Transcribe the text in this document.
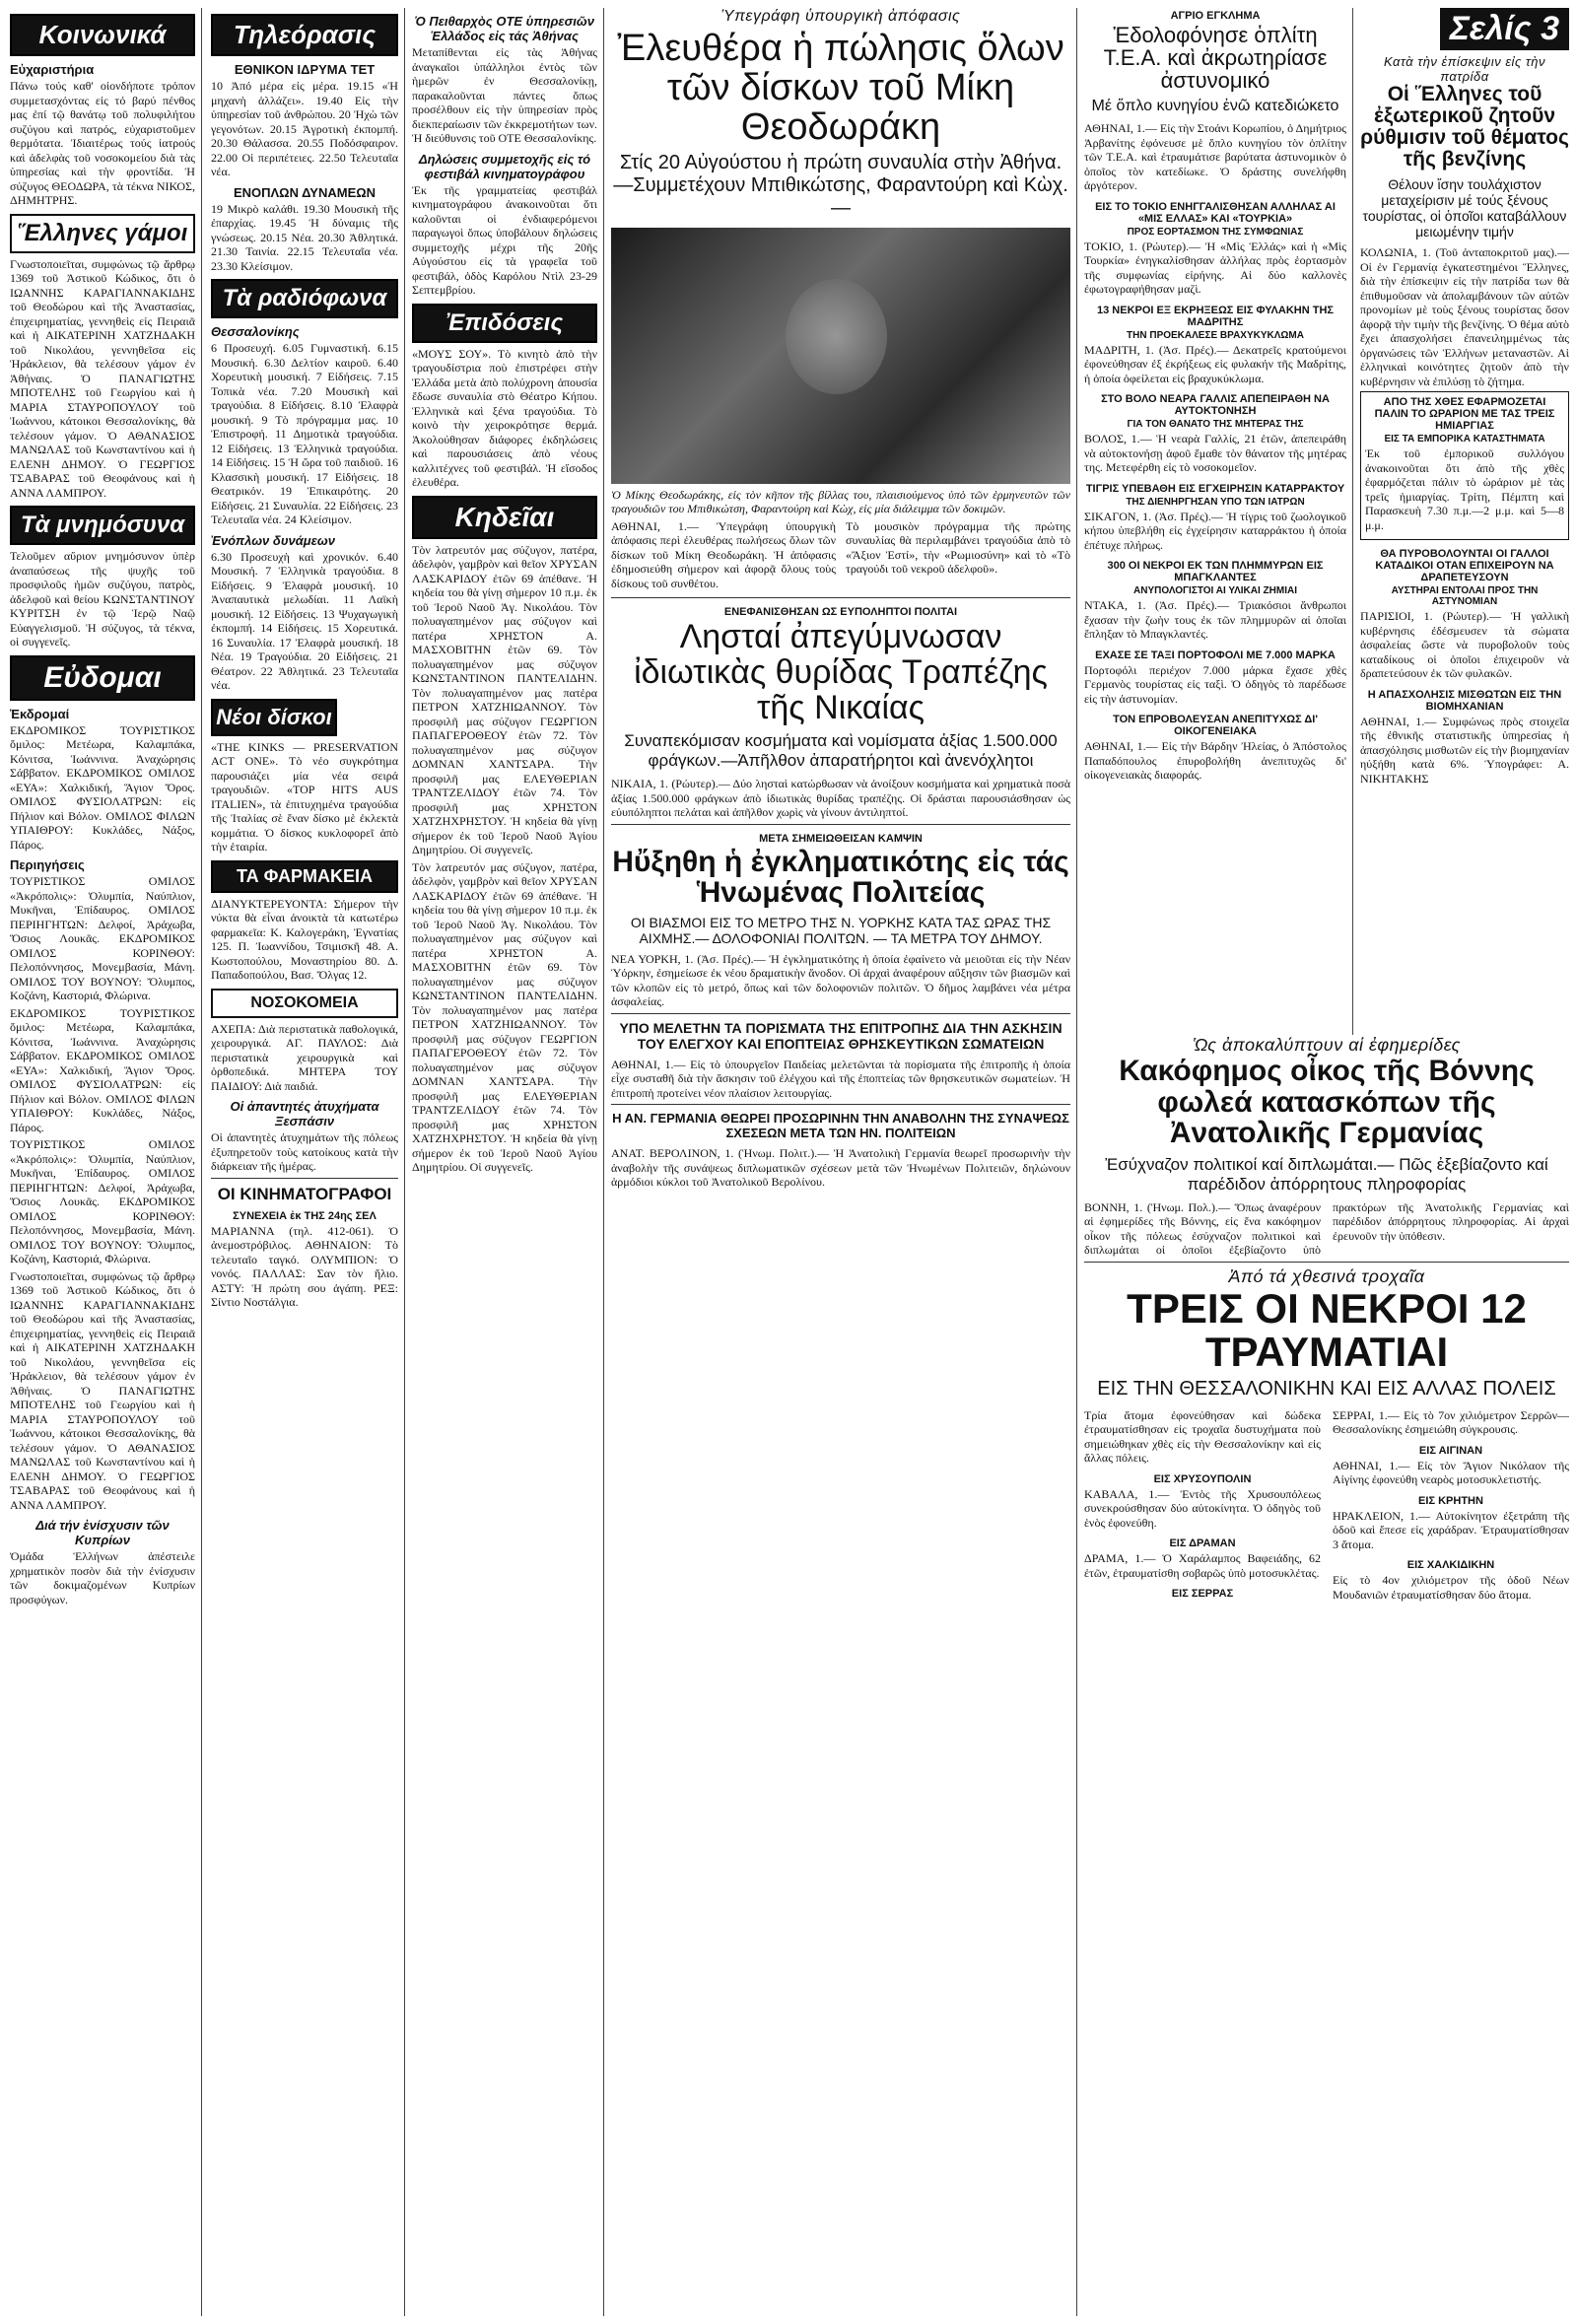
Κοινωνικά
Εὐχαριστήρια

Πάνω τούς καθ' οἱονδήποτε τρόπον συμμετασχόντας εἰς τό βαρύ πένθος μας ἐπί τῷ θανάτῳ τοῦ πολυφιλήτου συζύγου καὶ πατρός, εὐχαριστοῦμεν θερμότατα. Ἰδιαιτέρως τούς ἰατρούς καὶ ἀδελφὰς τοῦ νοσοκομείου διὰ τὰς ὑπηρεσίας καὶ τὴν φροντίδα. Ἡ σύζυγος ΘΕΟΔΩΡΑ, τὰ τέκνα ΝΙΚΟΣ, ΔΗΜΗΤΡΗΣ.

Ἕλληνες γάμοι

Γνωστοποιεῖται, συμφώνως τῷ ἄρθρῳ 1369 τοῦ Ἀστικοῦ Κώδικος, ὅτι ὁ ΙΩΑΝΝΗΣ ΚΑΡΑΓΙΑΝΝΑΚΙΔΗΣ τοῦ Θεοδώρου καὶ τῆς Ἀναστασίας, ἐπιχειρηματίας, γεννηθεὶς εἰς Πειραιᾶ καὶ ἡ ΑΙΚΑΤΕΡΙΝΗ ΧΑΤΖΗΔΑΚΗ τοῦ Νικολάου, γεννηθεῖσα εἰς Ἡράκλειον, θὰ τελέσουν γάμον ἐν Ἀθήναις. Ὁ ΠΑΝΑΓΙΩΤΗΣ ΜΠΟΤΕΛΗΣ τοῦ Γεωργίου καὶ ἡ ΜΑΡΙΑ ΣΤΑΥΡΟΠΟΥΛΟΥ τοῦ Ἰωάννου, κάτοικοι Θεσσαλονίκης, θὰ τελέσουν γάμον. Ὁ ΑΘΑΝΑΣΙΟΣ ΜΑΝΩΛΑΣ τοῦ Κωνσταντίνου καὶ ἡ ΕΛΕΝΗ ΔΗΜΟΥ. Ὁ ΓΕΩΡΓΙΟΣ ΤΣΑΒΑΡΑΣ τοῦ Θεοφάνους καὶ ἡ ΑΝΝΑ ΛΑΜΠΡΟΥ.

Τὰ μνημόσυνα

Τελοῦμεν αὔριον μνημόσυνον ὑπὲρ ἀναπαύσεως τῆς ψυχῆς τοῦ προσφιλοῦς ἡμῶν συζύγου, πατρὸς, ἀδελφοῦ καὶ θείου ΚΩΝΣΤΑΝΤΙΝΟΥ ΚΥΡΙΤΣΗ ἐν τῷ Ἱερῷ Ναῷ Εὐαγγελισμοῦ. Ἡ σύζυγος, τὰ τέκνα, οἱ συγγενεῖς.

Εὐδομαι
Ἐκδρομαί

ΕΚΔΡΟΜΙΚΟΣ ΤΟΥΡΙΣΤΙΚΟΣ ὅμιλος: Μετέωρα, Καλαμπάκα, Κόνιτσα, Ἰωάννινα. Ἀναχώρησις Σάββατον. ΕΚΔΡΟΜΙΚΟΣ ΟΜΙΛΟΣ «ΕΥΑ»: Χαλκιδική, Ἅγιον Ὄρος. ΟΜΙΛΟΣ ΦΥΣΙΟΛΑΤΡΩΝ: εἰς Πήλιον καὶ Βόλον. ΟΜΙΛΟΣ ΦΙΛΩΝ ΥΠΑΙΘΡΟΥ: Κυκλάδες, Νάξος, Πάρος.

Περιηγήσεις

ΤΟΥΡΙΣΤΙΚΟΣ ΟΜΙΛΟΣ «Ἀκρόπολις»: Ὀλυμπία, Ναύπλιον, Μυκῆναι, Ἐπίδαυρος. ΟΜΙΛΟΣ ΠΕΡΙΗΓΗΤΩΝ: Δελφοί, Ἀράχωβα, Ὅσιος Λουκᾶς. ΕΚΔΡΟΜΙΚΟΣ ΟΜΙΛΟΣ ΚΟΡΙΝΘΟΥ: Πελοπόννησος, Μονεμβασία, Μάνη. ΟΜΙΛΟΣ ΤΟΥ ΒΟΥΝΟΥ: Ὄλυμπος, Κοζάνη, Καστοριά, Φλώρινα.

ΕΚΔΡΟΜΙΚΟΣ ΤΟΥΡΙΣΤΙΚΟΣ ὅμιλος: Μετέωρα, Καλαμπάκα, Κόνιτσα, Ἰωάννινα. Ἀναχώρησις Σάββατον. ΕΚΔΡΟΜΙΚΟΣ ΟΜΙΛΟΣ «ΕΥΑ»: Χαλκιδική, Ἅγιον Ὄρος. ΟΜΙΛΟΣ ΦΥΣΙΟΛΑΤΡΩΝ: εἰς Πήλιον καὶ Βόλον. ΟΜΙΛΟΣ ΦΙΛΩΝ ΥΠΑΙΘΡΟΥ: Κυκλάδες, Νάξος, Πάρος.

ΤΟΥΡΙΣΤΙΚΟΣ ΟΜΙΛΟΣ «Ἀκρόπολις»: Ὀλυμπία, Ναύπλιον, Μυκῆναι, Ἐπίδαυρος. ΟΜΙΛΟΣ ΠΕΡΙΗΓΗΤΩΝ: Δελφοί, Ἀράχωβα, Ὅσιος Λουκᾶς. ΕΚΔΡΟΜΙΚΟΣ ΟΜΙΛΟΣ ΚΟΡΙΝΘΟΥ: Πελοπόννησος, Μονεμβασία, Μάνη. ΟΜΙΛΟΣ ΤΟΥ ΒΟΥΝΟΥ: Ὄλυμπος, Κοζάνη, Καστοριά, Φλώρινα.

Γνωστοποιεῖται, συμφώνως τῷ ἄρθρῳ 1369 τοῦ Ἀστικοῦ Κώδικος, ὅτι ὁ ΙΩΑΝΝΗΣ ΚΑΡΑΓΙΑΝΝΑΚΙΔΗΣ τοῦ Θεοδώρου καὶ τῆς Ἀναστασίας, ἐπιχειρηματίας, γεννηθεὶς εἰς Πειραιᾶ καὶ ἡ ΑΙΚΑΤΕΡΙΝΗ ΧΑΤΖΗΔΑΚΗ τοῦ Νικολάου, γεννηθεῖσα εἰς Ἡράκλειον, θὰ τελέσουν γάμον ἐν Ἀθήναις. Ὁ ΠΑΝΑΓΙΩΤΗΣ ΜΠΟΤΕΛΗΣ τοῦ Γεωργίου καὶ ἡ ΜΑΡΙΑ ΣΤΑΥΡΟΠΟΥΛΟΥ τοῦ Ἰωάννου, κάτοικοι Θεσσαλονίκης, θὰ τελέσουν γάμον. Ὁ ΑΘΑΝΑΣΙΟΣ ΜΑΝΩΛΑΣ τοῦ Κωνσταντίνου καὶ ἡ ΕΛΕΝΗ ΔΗΜΟΥ. Ὁ ΓΕΩΡΓΙΟΣ ΤΣΑΒΑΡΑΣ τοῦ Θεοφάνους καὶ ἡ ΑΝΝΑ ΛΑΜΠΡΟΥ.

Διά τήν ἐνίσχυσιν τῶν Κυπρίων

Ὁμάδα Ἑλλήνων ἀπέστειλε χρηματικὸν ποσὸν διὰ τὴν ἐνίσχυσιν τῶν δοκιμαζομένων Κυπρίων προσφύγων.

Τηλεόρασις
ΕΘΝΙΚΟΝ ΙΔΡΥΜΑ ΤΕΤ

10 Ἀπό μέρα εἰς μέρα. 19.15 «Ἡ μηχανὴ ἀλλάζει». 19.40 Εἰς τὴν ὑπηρεσίαν τοῦ ἀνθρώπου. 20 Ἠχὼ τῶν γεγονότων. 20.15 Ἀγροτικὴ ἐκπομπή. 20.30 Θάλασσα. 20.55 Ποδόσφαιρον. 22.00 Οἱ περιπέτειες. 22.50 Τελευταῖα νέα.

ΕΝΟΠΛΩΝ ΔΥΝΑΜΕΩΝ

19 Μικρὸ καλάθι. 19.30 Μουσικὴ τῆς ἐπαρχίας. 19.45 Ἡ δύναμις τῆς γνώσεως. 20.15 Νέα. 20.30 Ἀθλητικά. 21.30 Ταινία. 22.15 Τελευταῖα νέα. 23.30 Κλείσιμον.

Τὰ ραδιόφωνα
Θεσσαλονίκης

6 Προσευχή. 6.05 Γυμναστική. 6.15 Μουσική. 6.30 Δελτίον καιροῦ. 6.40 Χορευτικὴ μουσική. 7 Εἰδήσεις. 7.15 Τοπικὰ νέα. 7.20 Μουσικὴ καὶ τραγούδια. 8 Εἰδήσεις. 8.10 Ἐλαφρὰ μουσική. 9 Τὸ πρόγραμμα μας. 10 Ἐπιστροφή. 11 Δημοτικὰ τραγούδια. 12 Εἰδήσεις. 13 Ἑλληνικὰ τραγούδια. 14 Εἰδήσεις. 15 Ἡ ὥρα τοῦ παιδιοῦ. 16 Κλασσικὴ μουσική. 17 Εἰδήσεις. 18 Θεατρικόν. 19 Ἐπικαιρότης. 20 Εἰδήσεις. 21 Συναυλία. 22 Εἰδήσεις. 23 Τελευταῖα νέα. 24 Κλείσιμον.

Ἐνόπλων δυνάμεων

6.30 Προσευχὴ καὶ χρονικόν. 6.40 Μουσική. 7 Ἑλληνικὰ τραγούδια. 8 Εἰδήσεις. 9 Ἐλαφρὰ μουσική. 10 Ἀναπαυτικὰ μελωδίαι. 11 Λαϊκὴ μουσική. 12 Εἰδήσεις. 13 Ψυχαγωγικὴ ἐκπομπή. 14 Εἰδήσεις. 15 Χορευτικά. 16 Συναυλία. 17 Ἐλαφρὰ μουσική. 18 Νέα. 19 Τραγούδια. 20 Εἰδήσεις. 21 Θέατρον. 22 Ἀθλητικά. 23 Τελευταῖα νέα.

Νέοι δίσκοι

«THE KINKS — PRESERVATION ACT ONE». Τὸ νέο συγκρότημα παρουσιάζει μία νέα σειρά τραγουδιῶν. «TOP HITS AUS ITALIEN», τὰ ἐπιτυχημένα τραγούδια τῆς Ἰταλίας σὲ ἕναν δίσκο μὲ ἐκλεκτὰ κομμάτια. Ὁ δίσκος κυκλοφορεῖ ἀπὸ τὴν ἑταιρία.

ΤΑ ΦΑΡΜΑΚΕΙΑ

ΔΙΑΝΥΚΤΕΡΕΥΟΝΤΑ: Σήμερον τὴν νύκτα θὰ εἶναι ἀνοικτὰ τὰ κατωτέρω φαρμακεῖα: Κ. Καλογεράκη, Ἐγνατίας 125. Π. Ἰωαννίδου, Τσιμισκῆ 48. Α. Κωστοπούλου, Μοναστηρίου 80. Δ. Παπαδοπούλου, Βασ. Ὄλγας 12.

ΝΟΣΟΚΟΜΕΙΑ

ΑΧΕΠΑ: Διὰ περιστατικὰ παθολογικά, χειρουργικά. ΑΓ. ΠΑΥΛΟΣ: Διὰ περιστατικὰ χειρουργικὰ καὶ ὀρθοπεδικά. ΜΗΤΕΡΑ ΤΟΥ ΠΑΙΔΙΟΥ: Διὰ παιδιά.

Οἱ ἀπαντητές ἀτυχήματα Ξεσπάσιν

Οἱ ἀπαντητὲς ἀτυχημάτων τῆς πόλεως ἐξυπηρετοῦν τοὺς κατοίκους κατὰ τὴν διάρκειαν τῆς ἡμέρας.

ΟΙ ΚΙΝΗΜΑΤΟΓΡΑΦΟΙ
ΣΥΝΕΧΕΙΑ ἐκ ΤΗΣ 24ης ΣΕΛ

ΜΑΡΙΑΝΝΑ (τηλ. 412-061). Ὁ ἀνεμοστρόβιλος. ΑΘΗΝΑΙΟΝ: Τὸ τελευταῖο ταγκό. ΟΛΥΜΠΙΟΝ: Ὁ νονός. ΠΑΛΛΑΣ: Σαν τὸν ἥλιο. ΑΣΤΥ: Ἡ πρώτη σου ἀγάπη. ΡΕΞ: Σίντιο Νοστάλγια.

Ὁ Πειθαρχὸς ΟΤΕ ὑπηρεσιῶν Ἑλλάδος εἰς τάς Ἀθήνας

Μεταπίθενται εἰς τὰς Ἀθήνας ἀναγκαῖοι ὑπάλληλοι ἐντὸς τῶν ἡμερῶν ἐν Θεσσαλονίκῃ, παρακαλοῦνται πάντες ὅπως προσέλθουν εἰς τὴν ὑπηρεσίαν πρὸς διεκπεραίωσιν τῶν ἐκκρεμοτήτων των. Ἡ διεύθυνσις τοῦ ΟΤΕ Θεσσαλονίκης.

Δηλώσεις συμμετοχῆς εἰς τό φεστιβάλ κινηματογράφου

Ἐκ τῆς γραμματείας φεστιβάλ κινηματογράφου ἀνακοινοῦται ὅτι καλοῦνται οἱ ἐνδιαφερόμενοι παραγωγοὶ ὅπως ὑποβάλουν δηλώσεις συμμετοχῆς μέχρι τῆς 20ῆς Αὐγούστου εἰς τὰ γραφεῖα τοῦ φεστιβάλ, ὁδὸς Καρόλου Ντὶλ 23-29 Σεπτεμβρίου.

Ἐπιδόσεις

«ΜΟΥΣ ΣΟΥ». Τὸ κινητὸ ἀπὸ τὴν τραγουδίστρια ποὺ ἐπιστρέφει στὴν Ἑλλάδα μετὰ ἀπὸ πολύχρονη ἀπουσία ἔδωσε συναυλία στὸ Θέατρο Κήπου. Ἑλληνικὰ καὶ ξένα τραγούδια. Τὸ κοινὸ τὴν χειροκρότησε θερμά. Ἀκολούθησαν διάφορες ἐκδηλώσεις καὶ παρουσιάσεις ἀπὸ νέους καλλιτέχνες τοῦ φεστιβάλ. Ἡ εἴσοδος ἐλευθέρα.

Κηδεῖαι

Τὸν λατρευτόν μας σύζυγον, πατέρα, ἀδελφὸν, γαμβρὸν καὶ θεῖον ΧΡΥΣΑΝ ΛΑΣΚΑΡΙΔΟΥ ἐτῶν 69 ἀπέθανε. Ἡ κηδεία του θὰ γίνῃ σήμερον 10 π.μ. ἐκ τοῦ Ἱεροῦ Ναοῦ Ἁγ. Νικολάου. Τὸν πολυαγαπημένον μας σύζυγον καὶ πατέρα ΧΡΗΣΤΟΝ Α. ΜΑΣΧΟΒΙΤΗΝ ἐτῶν 69. Τὸν πολυαγαπημένον μας σύζυγον ΚΩΝΣΤΑΝΤΙΝΟΝ ΠΑΝΤΕΛΙΔΗΝ. Τὸν πολυαγαπημένον μας πατέρα ΠΕΤΡΟΝ ΧΑΤΖΗΙΩΑΝΝΟΥ. Τὸν προσφιλῆ μας σύζυγον ΓΕΩΡΓΙΟΝ ΠΑΠΑΓΕΡΟΘΕΟΥ ἐτῶν 72. Τὸν πολυαγαπημένον μας σύζυγον ΔΟΜΝΑΝ ΧΑΝΤΣΑΡΑ. Τὴν προσφιλῆ μας ΕΛΕΥΘΕΡΙΑΝ ΤΡΑΝΤΖΕΛΙΔΟΥ ἐτῶν 74. Τὸν προσφιλῆ μας ΧΡΗΣΤΟΝ ΧΑΤΖΗΧΡΗΣΤΟΥ. Ἡ κηδεία θὰ γίνῃ σήμερον ἐκ τοῦ Ἱεροῦ Ναοῦ Ἁγίου Δημητρίου. Οἱ συγγενεῖς.

Τὸν λατρευτόν μας σύζυγον, πατέρα, ἀδελφὸν, γαμβρὸν καὶ θεῖον ΧΡΥΣΑΝ ΛΑΣΚΑΡΙΔΟΥ ἐτῶν 69 ἀπέθανε. Ἡ κηδεία του θὰ γίνῃ σήμερον 10 π.μ. ἐκ τοῦ Ἱεροῦ Ναοῦ Ἁγ. Νικολάου. Τὸν πολυαγαπημένον μας σύζυγον καὶ πατέρα ΧΡΗΣΤΟΝ Α. ΜΑΣΧΟΒΙΤΗΝ ἐτῶν 69. Τὸν πολυαγαπημένον μας σύζυγον ΚΩΝΣΤΑΝΤΙΝΟΝ ΠΑΝΤΕΛΙΔΗΝ. Τὸν πολυαγαπημένον μας πατέρα ΠΕΤΡΟΝ ΧΑΤΖΗΙΩΑΝΝΟΥ. Τὸν προσφιλῆ μας σύζυγον ΓΕΩΡΓΙΟΝ ΠΑΠΑΓΕΡΟΘΕΟΥ ἐτῶν 72. Τὸν πολυαγαπημένον μας σύζυγον ΔΟΜΝΑΝ ΧΑΝΤΣΑΡΑ. Τὴν προσφιλῆ μας ΕΛΕΥΘΕΡΙΑΝ ΤΡΑΝΤΖΕΛΙΔΟΥ ἐτῶν 74. Τὸν προσφιλῆ μας ΧΡΗΣΤΟΝ ΧΑΤΖΗΧΡΗΣΤΟΥ. Ἡ κηδεία θὰ γίνῃ σήμερον ἐκ τοῦ Ἱεροῦ Ναοῦ Ἁγίου Δημητρίου. Οἱ συγγενεῖς.

Ὑπεγράφη ὑπουργικὴ ἀπόφασις
Ἐλευθέρα ἡ πώλησις ὅλων τῶν δίσκων τοῦ Μίκη Θεοδωράκη
Στίς 20 Αὐγούστου ἡ πρώτη συναυλία στὴν Ἀθήνα.—Συμμετέχουν Μπιθικώτσης, Φαραντούρη καὶ Κὼχ.—

Ὁ Μίκης Θεοδωράκης, εἰς τὸν κῆπον τῆς βίλλας του, πλαισιούμενος ὑπὸ τῶν ἑρμηνευτῶν τῶν τραγουδιῶν του Μπιθικώτση, Φαραντούρη καὶ Κὼχ, εἰς μία διάλειμμα τῶν δοκιμῶν.

ΑΘΗΝΑΙ, 1.— Ὑπεγράφη ὑπουργικὴ ἀπόφασις περὶ ἐλευθέρας πωλήσεως ὅλων τῶν δίσκων τοῦ Μίκη Θεοδωράκη. Ἡ ἀπόφασις ἐδημοσιεύθη σήμερον καὶ ἀφορᾷ ὅλους τοὺς δίσκους τοῦ συνθέτου.

Τὸ μουσικὸν πρόγραμμα τῆς πρώτης συναυλίας θὰ περιλαμβάνει τραγούδια ἀπὸ τὸ «Ἄξιον Ἐστί», τὴν «Ρωμιοσύνη» καὶ τὸ «Τὸ τραγούδι τοῦ νεκροῦ ἀδελφοῦ».

ΕΝΕΦΑΝΙΣΘΗΣΑΝ ΩΣ ΕΥΠΟΛΗΠΤΟΙ ΠΟΛΙΤΑΙ
Λησταί ἀπεγύμνωσαν ἰδιωτικὰς θυρίδας Τραπέζης τῆς Νικαίας
Συναπεκόμισαν κοσμήματα καὶ νομίσματα ἀξίας 1.500.000 φράγκων.—Ἀπῆλθον ἀπαρατήρητοι καὶ ἀνενόχλητοι

ΝΙΚΑΙΑ, 1. (Ρώυτερ).— Δύο λησταὶ κατώρθωσαν νὰ ἀνοίξουν κοσμήματα καὶ χρηματικὰ ποσὰ ἀξίας 1.500.000 φράγκων ἀπὸ ἰδιωτικὰς θυρίδας τραπέζης. Οἱ δράσται παρουσιάσθησαν ὡς εὐυπόληπτοι πελάται καὶ ἀπῆλθον χωρὶς νὰ γίνουν ἀντιληπτοί.

ΜΕΤΑ ΣΗΜΕΙΩΘΕΙΣΑΝ ΚΑΜΨΙΝ
Ηὔξηθη ἡ ἐγκληματικότης εἰς τάς Ἡνωμένας Πολιτείας
ΟΙ ΒΙΑΣΜΟΙ ΕΙΣ ΤΟ ΜΕΤΡΟ ΤΗΣ Ν. ΥΟΡΚΗΣ ΚΑΤΑ ΤΑΣ ΩΡΑΣ ΤΗΣ ΑΙΧΜΗΣ.— ΔΟΛΟΦΟΝΙΑΙ ΠΟΛΙΤΩΝ. — ΤΑ ΜΕΤΡΑ ΤΟΥ ΔΗΜΟΥ.

ΝΕΑ ΥΟΡΚΗ, 1. (Ἀσ. Πρές).— Ἡ ἐγκληματικότης ἡ ὁποία ἐφαίνετο νὰ μειοῦται εἰς τὴν Νέαν Ὑόρκην, ἐσημείωσε ἐκ νέου δραματικὴν ἄνοδον. Οἱ ἀρχαὶ ἀναφέρουν αὔξησιν τῶν βιασμῶν καὶ τῶν κλοπῶν εἰς τὸ μετρό, ὅπως καὶ τῶν δολοφονιῶν πολιτῶν. Ὁ δῆμος λαμβάνει νέα μέτρα ἀσφαλείας.

ΥΠΟ ΜΕΛΕΤΗΝ ΤΑ ΠΟΡΙΣΜΑΤΑ ΤΗΣ ΕΠΙΤΡΟΠΗΣ ΔΙΑ ΤΗΝ ΑΣΚΗΣΙΝ ΤΟΥ ΕΛΕΓΧΟΥ ΚΑΙ ΕΠΟΠΤΕΙΑΣ ΘΡΗΣΚΕΥΤΙΚΩΝ ΣΩΜΑΤΕΙΩΝ

ΑΘΗΝΑΙ, 1.— Εἰς τὸ ὑπουργεῖον Παιδείας μελετῶνται τὰ πορίσματα τῆς ἐπιτροπῆς ἡ ὁποία εἶχε συσταθῆ διὰ τὴν ἄσκησιν τοῦ ἐλέγχου καὶ τῆς ἐποπτείας τῶν θρησκευτικῶν σωματείων. Ἡ ἐπιτροπὴ προτείνει νέον πλαίσιον λειτουργίας.

Η ΑΝ. ΓΕΡΜΑΝΙΑ ΘΕΩΡΕΙ ΠΡΟΣΩΡΙΝΗΝ ΤΗΝ ΑΝΑΒΟΛΗΝ ΤΗΣ ΣΥΝΑΨΕΩΣ ΣΧΕΣΕΩΝ ΜΕΤΑ ΤΩΝ ΗΝ. ΠΟΛΙΤΕΙΩΝ

ΑΝΑΤ. ΒΕΡΟΛΙΝΟΝ, 1. (Ἡνωμ. Πολιτ.).— Ἡ Ἀνατολικὴ Γερμανία θεωρεῖ προσωρινὴν τὴν ἀναβολὴν τῆς συνάψεως διπλωματικῶν σχέσεων μετὰ τῶν Ἡνωμένων Πολιτειῶν, δηλώνουν ἁρμόδιοι κύκλοι τοῦ Ἀνατολικοῦ Βερολίνου.

ΑΓΡΙΟ ΕΓΚΛΗΜΑ
Ἐδολοφόνησε ὁπλίτη Τ.Ε.Α. καὶ ἀκρωτηρίασε ἀστυνομικό
Μέ ὅπλο κυνηγίου ἐνῶ κατεδιώκετο

ΑΘΗΝΑΙ, 1.— Εἰς τὴν Στοάνι Κορωπίου, ὁ Δημήτριος Ἀρβανίτης ἐφόνευσε μὲ ὅπλο κυνηγίου τὸν ὁπλίτην τῶν Τ.Ε.Α. καὶ ἐτραυμάτισε βαρύτατα ἀστυνομικὸν ὁ ὁποῖος τὸν κατεδίωκε. Ὁ δράστης συνελήφθη ἀργότερον.

ΕΙΣ ΤΟ ΤΟΚΙΟ ΕΝΗΓΓΑΛΙΣΘΗΣΑΝ ΑΛΛΗΛΑΣ ΑΙ «ΜΙΣ ΕΛΛΑΣ» ΚΑΙ «ΤΟΥΡΚΙΑ»
ΠΡΟΣ ΕΟΡΤΑΣΜΟΝ ΤΗΣ ΣΥΜΦΩΝΙΑΣ

ΤΟΚΙΟ, 1. (Ρώυτερ).— Ἡ «Μὶς Ἑλλάς» καὶ ἡ «Μὶς Τουρκία» ἐνηγκαλίσθησαν ἀλλήλας πρὸς ἑορτασμὸν τῆς συμφωνίας εἰρήνης. Αἱ δύο καλλονὲς ἐφωτογραφήθησαν μαζὶ.

13 ΝΕΚΡΟΙ ΕΞ ΕΚΡΗΞΕΩΣ ΕΙΣ ΦΥΛΑΚΗΝ ΤΗΣ ΜΑΔΡΙΤΗΣ
ΤΗΝ ΠΡΟΕΚΑΛΕΣΕ ΒΡΑΧΥΚΥΚΛΩΜΑ

ΜΑΔΡΙΤΗ, 1. (Ἀσ. Πρές).— Δεκατρεῖς κρατούμενοι ἐφονεύθησαν ἐξ ἐκρήξεως εἰς φυλακήν τῆς Μαδρίτης, ἡ ὁποία ὀφείλεται εἰς βραχυκύκλωμα.

ΣΤΟ ΒΟΛΟ ΝΕΑΡΑ ΓΑΛΛΙΣ ΑΠΕΠΕΙΡΑΘΗ ΝΑ ΑΥΤΟΚΤΟΝΗΣΗ
ΓΙΑ ΤΟΝ ΘΑΝΑΤΟ ΤΗΣ ΜΗΤΕΡΑΣ ΤΗΣ

ΒΟΛΟΣ, 1.— Ἡ νεαρὰ Γαλλίς, 21 ἐτῶν, ἀπεπειράθη νὰ αὐτοκτονήσῃ ἀφοῦ ἔμαθε τὸν θάνατον τῆς μητέρας της. Μετεφέρθη εἰς τὸ νοσοκομεῖον.

ΤΙΓΡΙΣ ΥΠΕΒΑΘΗ ΕΙΣ ΕΓΧΕΙΡΗΣΙΝ ΚΑΤΑΡΡΑΚΤΟΥ
ΤΗΣ ΔΙΕΝΗΡΓΗΣΑΝ ΥΠΟ ΤΩΝ ΙΑΤΡΩΝ

ΣΙΚΑΓΟΝ, 1. (Ἀσ. Πρές).— Ἡ τίγρις τοῦ ζωολογικοῦ κήπου ὑπεβλήθη εἰς ἐγχείρησιν καταρράκτου ἡ ὁποία ἐπέτυχε πλήρως.

300 ΟΙ ΝΕΚΡΟΙ ΕΚ ΤΩΝ ΠΛΗΜΜΥΡΩΝ ΕΙΣ ΜΠΑΓΚΛΑΝΤΕΣ
ΑΝΥΠΟΛΟΓΙΣΤΟΙ ΑΙ ΥΛΙΚΑΙ ΖΗΜΙΑΙ

ΝΤΑΚΑ, 1. (Ἀσ. Πρές).— Τριακόσιοι ἄνθρωποι ἔχασαν τὴν ζωὴν τους ἐκ τῶν πλημμυρῶν αἱ ὁποῖαι ἔπληξαν τὸ Μπαγκλαντές.

ΕΧΑΣΕ ΣΕ ΤΑΞΙ ΠΟΡΤΟΦΟΛΙ ΜΕ 7.000 ΜΑΡΚΑ

Πορτοφόλι περιέχον 7.000 μάρκα ἔχασε χθὲς Γερμανὸς τουρίστας εἰς ταξὶ. Ὁ ὁδηγὸς τὸ παρέδωσε εἰς τὴν ἀστυνομίαν.

ΤΟΝ ΕΠΡΟΒΟΛΕΥΣΑΝ ΑΝΕΠΙΤΥΧΩΣ ΔΙ' ΟΙΚΟΓΕΝΕΙΑΚΑ

ΑΘΗΝΑΙ, 1.— Εἰς τὴν Βάρδην Ἠλείας, ὁ Ἀπόστολος Παπαδόπουλος ἐπυροβολήθη ἀνεπιτυχῶς δι' οἰκογενειακὰς διαφοράς.

Σελίς 3
Κατὰ τὴν ἐπίσκεψιν εἰς τὴν πατρίδα
Οἱ Ἕλληνες τοῦ ἐξωτερικοῦ ζητοῦν ρύθμισιν τοῦ θέματος τῆς βενζίνης
Θέλουν ἴσην τουλάχιστον μεταχείρισιν μέ τούς ξένους τουρίστας, οἱ ὁποῖοι καταβάλλουν μειωμένην τιμήν

ΚΟΛΩΝΙΑ, 1. (Τοῦ ἀνταποκριτοῦ μας).— Οἱ ἐν Γερμανίᾳ ἐγκατεστημένοι Ἕλληνες, διὰ τὴν ἐπίσκεψιν εἰς τὴν πατρίδα των θὰ ἐπιθυμοῦσαν νὰ ἀπολαμβάνουν τῶν αὐτῶν προνομίων μὲ τοὺς ξένους τουρίστας ὅσον ἀφορᾷ τὴν τιμὴν τῆς βενζίνης. Ὁ θέμα αὐτὸ ἔχει ἀπασχολήσει ἐπανειλημμένως τὰς ὀργανώσεις τῶν Ἑλλήνων μεταναστῶν. Αἱ ἑλληνικαὶ κοινότητες ζητοῦν ἀπὸ τὴν κυβέρνησιν νὰ ἐπιλύσῃ τὸ ζήτημα.

ΑΠΟ ΤΗΣ ΧΘΕΣ ΕΦΑΡΜΟΖΕΤΑΙ ΠΑΛΙΝ ΤΟ ΩΡΑΡΙΟΝ ΜΕ ΤΑΣ ΤΡΕΙΣ ΗΜΙΑΡΓΙΑΣ
ΕΙΣ ΤΑ ΕΜΠΟΡΙΚΑ ΚΑΤΑΣΤΗΜΑΤΑ

Ἐκ τοῦ ἐμπορικοῦ συλλόγου ἀνακοινοῦται ὅτι ἀπὸ τῆς χθὲς ἐφαρμόζεται πάλιν τὸ ὡράριον μὲ τὰς τρεῖς ἡμιαργίας. Τρίτη, Πέμπτη καὶ Παρασκευὴ 7.30 π.μ.—2 μ.μ. καὶ 5—8 μ.μ.

ΘΑ ΠΥΡΟΒΟΛΟΥΝΤΑΙ ΟΙ ΓΑΛΛΟΙ ΚΑΤΑΔΙΚΟΙ ΟΤΑΝ ΕΠΙΧΕΙΡΟΥΝ ΝΑ ΔΡΑΠΕΤΕΥΣΟΥΝ
ΑΥΣΤΗΡΑΙ ΕΝΤΟΛΑΙ ΠΡΟΣ ΤΗΝ ΑΣΤΥΝΟΜΙΑΝ

ΠΑΡΙΣΙΟΙ, 1. (Ρώυτερ).— Ἡ γαλλικὴ κυβέρνησις ἐδέσμευσεν τὰ σώματα ἀσφαλείας ὥστε νὰ πυροβολοῦν τοὺς καταδίκους οἱ ὁποῖοι ἐπιχειροῦν νὰ δραπετεύσουν ἐκ τῶν φυλακῶν.

Η ΑΠΑΣΧΟΛΗΣΙΣ ΜΙΣΘΩΤΩΝ ΕΙΣ ΤΗΝ ΒΙΟΜΗΧΑΝΙΑΝ

ΑΘΗΝΑΙ, 1.— Συμφώνως πρὸς στοιχεῖα τῆς ἐθνικῆς στατιστικῆς ὑπηρεσίας ἡ ἀπασχόλησις μισθωτῶν εἰς τὴν βιομηχανίαν ηὐξήθη κατὰ 6%. Ὑπογράφει: Α. ΝΙΚΗΤΑΚΗΣ

Ὡς ἀποκαλύπτουν αἱ ἐφημερίδες
Κακόφημος οἶκος τῆς Βόννης φωλεά κατασκόπων τῆς Ἀνατολικῆς Γερμανίας
Ἐσύχναζον πολιτικοί καί διπλωμάται.— Πῶς ἐξεβίαζοντο καί παρέδιδον ἀπόρρητους πληροφορίας

ΒΟΝΝΗ, 1. (Ἡνωμ. Πολ.).— Ὅπως ἀναφέρουν αἱ ἐφημερίδες τῆς Βόννης, εἰς ἕνα κακόφημον οἶκον τῆς πόλεως ἐσύχναζον πολιτικοὶ καὶ διπλωμάται οἱ ὁποῖοι ἐξεβίαζοντο ὑπὸ πρακτόρων τῆς Ἀνατολικῆς Γερμανίας καὶ παρέδιδον ἀπόρρητους πληροφορίας. Αἱ ἀρχαὶ ἐρευνοῦν τὴν ὑπόθεσιν.

Ἀπό τά χθεσινά τροχαῖα
ΤΡΕΙΣ ΟΙ ΝΕΚΡΟΙ 12 ΤΡΑΥΜΑΤΙΑΙ
ΕΙΣ ΤΗΝ ΘΕΣΣΑΛΟΝΙΚΗΝ ΚΑΙ ΕΙΣ ΑΛΛΑΣ ΠΟΛΕΙΣ

Τρία ἄτομα ἐφονεύθησαν καὶ δώδεκα ἐτραυματίσθησαν εἰς τροχαῖα δυστυχήματα ποὺ σημειώθηκαν χθὲς εἰς τὴν Θεσσαλονίκην καὶ εἰς ἄλλας πόλεις.

ΕΙΣ ΧΡΥΣΟΥΠΟΛΙΝ

ΚΑΒΑΛΑ, 1.— Ἐντὸς τῆς Χρυσουπόλεως συνεκρούσθησαν δύο αὐτοκίνητα. Ὁ ὁδηγὸς τοῦ ἑνὸς ἐφονεύθη.

ΕΙΣ ΔΡΑΜΑΝ

ΔΡΑΜΑ, 1.— Ὁ Χαράλαμπος Βαφειάδης, 62 ἐτῶν, ἐτραυματίσθη σοβαρῶς ὑπὸ μοτοσυκλέτας.

ΕΙΣ ΣΕΡΡΑΣ

ΣΕΡΡΑΙ, 1.— Εἰς τὸ 7ον χιλιόμετρον Σερρῶν—Θεσσαλονίκης ἐσημειώθη σύγκρουσις.

ΕΙΣ ΑΙΓΙΝΑΝ

ΑΘΗΝΑΙ, 1.— Εἰς τὸν Ἅγιον Νικόλαον τῆς Αἰγίνης ἐφονεύθη νεαρὸς μοτοσυκλετιστής.

ΕΙΣ ΚΡΗΤΗΝ

ΗΡΑΚΛΕΙΟΝ, 1.— Αὐτοκίνητον ἐξετράπη τῆς ὁδοῦ καὶ ἔπεσε εἰς χαράδραν. Ἐτραυματίσθησαν 3 ἄτομα.

ΕΙΣ ΧΑΛΚΙΔΙΚΗΝ

Εἰς τὸ 4ον χιλιόμετρον τῆς ὁδοῦ Νέων Μουδανιῶν ἐτραυματίσθησαν δύο ἄτομα.
